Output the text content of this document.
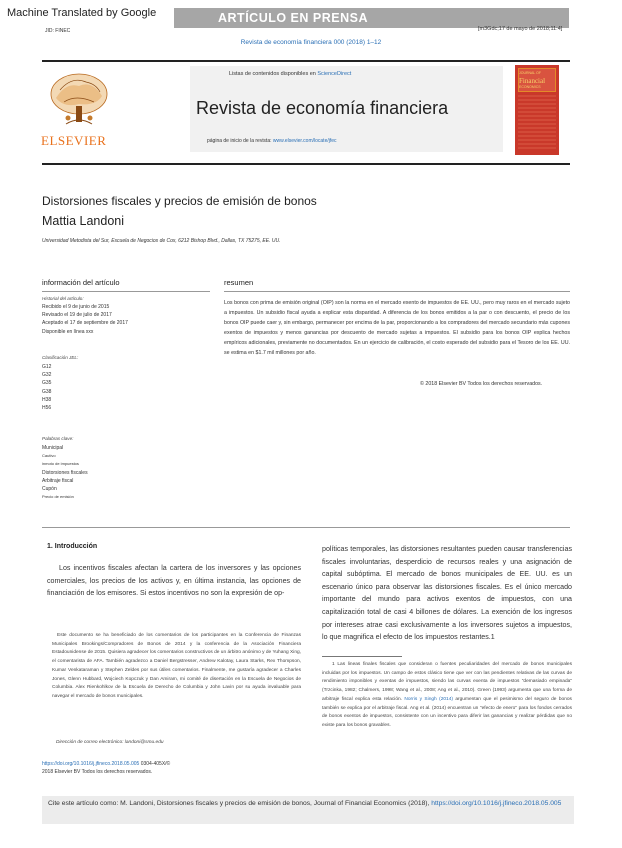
Machine Translated by Google	ARTÍCULO EN PRENSA
JID: FINEC	[m3Gdc;17 de mayo de 2018;11:4]
Revista de economía financiera 000 (2018) 1–12
ELSEVIER
Listas de contenidos disponibles en ScienceDirect
Revista de economía financiera
página de inicio de la revista: www.elsevier.com/locate/jfec
JOURNAL OF
Financial
ECONOMICS
Distorsiones fiscales y precios de emisión de bonos
Mattia Landoni
Universidad Metodista del Sur, Escuela de Negocios de Cox, 6212 Bishop Blvd., Dallas, TX 75275, EE. UU.
información del artículo
Historial del artículo:
Recibido el 9 de junio de 2015
Revisado el 19 de julio de 2017
Aceptado el 17 de septiembre de 2017
Disponible en línea xxx
Clasificación JEL:
G12
G32
G35
G38
H38
H56
Palabras clave:
Municipal
Cautivo
inmoto de impuestos
Distorsiones fiscales
Arbitraje fiscal
Cupón
Precio de emisión
resumen
Los bonos con prima de emisión original (OIP) son la norma en el mercado exento de impuestos de EE. UU., pero muy raros en el mercado sujeto a impuestos. Un subsidio fiscal ayuda a explicar esta disparidad. A diferencia de los bonos emitidos a la par o con descuento, el precio de los bonos OIP puede caer y, sin embargo, permanecer por encima de la par, proporcionando a los compradores del mercado secundario más cupones exentos de impuestos y menos ganancias por descuento de mercado sujetas a impuestos. El subsidio para los bonos OIP explica hechos empíricos adicionales, previamente no documentados. En un ejercicio de calibración, el costo esperado del subsidio para el Tesoro de los EE. UU. se estima en $1.7 mil millones por año.
© 2018 Elsevier BV Todos los derechos reservados.
1. Introducción
Los incentivos fiscales afectan la cartera de los inversores y las opciones comerciales, los precios de los activos y, en última instancia, las opciones de financiación de los emisores. Si estos incentivos no son la expresión de op-
políticas temporales, las distorsiones resultantes pueden causar transferencias fiscales involuntarias, desperdicio de recursos reales y una asignación de capital subóptima. El mercado de bonos municipales de EE. UU. es un escenario único para observar las distorsiones fiscales. Es el único mercado importante del mundo para activos exentos de impuestos, con una capitalización total de casi 4 billones de dólares. La exención de los ingresos por intereses atrae casi exclusivamente a los inversores sujetos a impuestos, lo que magnifica el efecto de los impuestos restantes.1
Este documento se ha beneficiado de los comentarios de los participantes en la Conferencia de Finanzas Municipales Brookings/Compradores de Bonos de 2014 y la conferencia de la Asociación Financiera Estadounidense de 2015. Quisiera agradecer los comentarios constructivos de un árbitro anónimo y de Yuhang Xing, el comentarista de AFA. También agradezco a Daniel Bergstresser, Andrew Kalotay, Laura Starks, Rex Thompson, Kumar Venkataraman y Stephen Zeldes por sus útiles comentarios. Finalmente, me gustaría agradecer a Charles Jones, Glenn Hubbard, Wojciech Kopczuk y Dan Amiram, mi comité de disertación en la Escuela de Negocios de Columbia. Alex Rienkohlkov de la Escuela de Derecho de Columbia y John Lavin por su ayuda invaluable para navegar el mercado de bonos municipales.
Dirección de correo electrónico: landoni@smu.edu
1 Las lineas finales fiscales que consideran o fuentes peculiaridades del mercado de bonos municipales incluidas por los impuestos. Un campo de estos clásico tiene que ver con las pendientes relativas de las curvas de rendimiento imponibles y exentas de impuestos, siendo las curvas exenta de impuestos "demasiado empinada" (Trzcinka, 1982; Chalmers, 1998; Wang et al., 2008; Ang et al., 2010). Green (1993) argumenta que una forma de arbitraje fiscal explica esta relación. Norris y Singh (2014) argumentan que el pesimismo del seguro de bonos también se explica por el arbitraje fiscal. Ang et al. (2014) encuentran un "efecto de enero" para los fondos cerrados de bonos exentos de impuestos, consistente con un incentivo para diferir las ganancias y realizar pérdidas que no existe para los bonos gravables.
https://doi.org/10.1016/j.jfineco.2018.05.005 0304-405X/©
2018 Elsevier BV Todos los derechos reservados.
Cite este artículo como: M. Landoni, Distorsiones fiscales y precios de emisión de bonos, Journal of Financial Economics (2018), https://doi.org/10.1016/j.jfineco.2018.05.005
